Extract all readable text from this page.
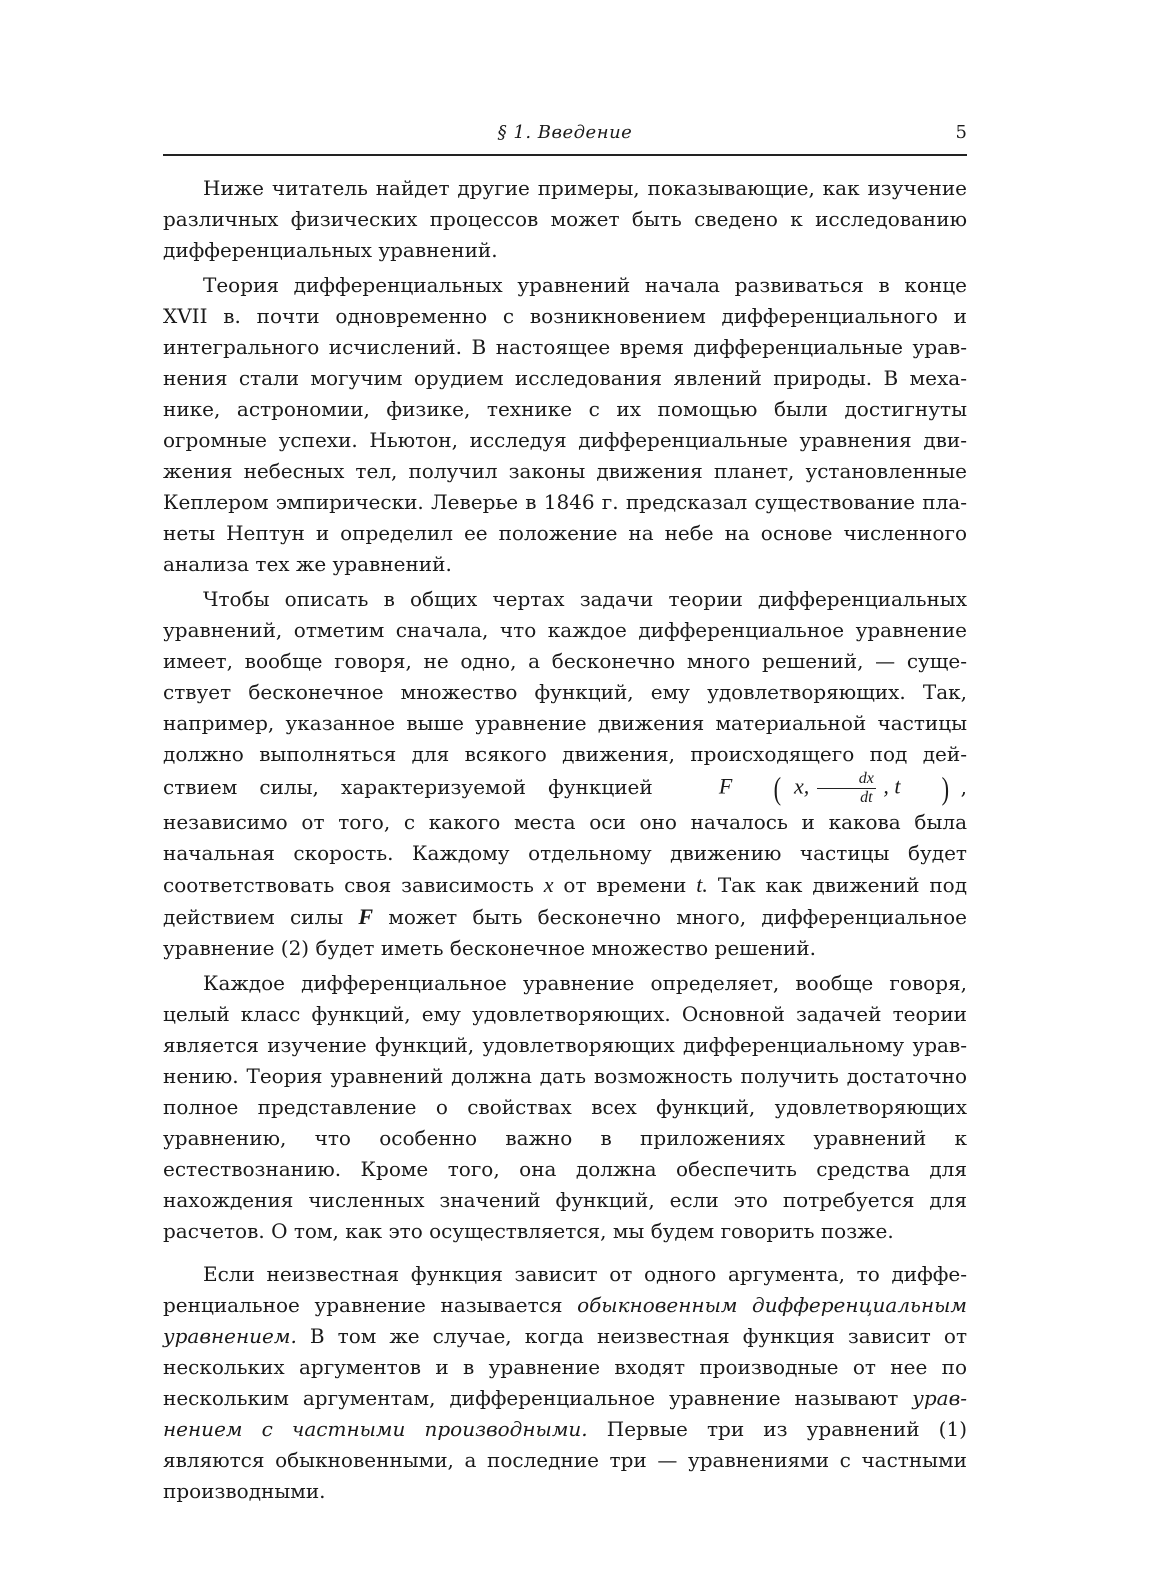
§ 1. Введение	5

Ниже читатель найдет другие примеры, показывающие, как изучение различных физических процессов может быть сведено к исследованию дифференциальных уравнений.

Теория дифференциальных уравнений начала развиваться в конце XVII в. почти одновременно с возникновением дифференциального и интегрального исчислений. В настоящее время дифференциальные уравнения стали могучим орудием исследования явлений природы. В механике, астрономии, физике, технике с их помощью были достигнуты огромные успехи. Ньютон, исследуя дифференциальные уравнения движения небесных тел, получил законы движения планет, установленные Кеплером эмпирически. Леверье в 1846 г. предсказал существование планеты Нептун и определил ее положение на небе на основе численного анализа тех же уравнений.

Чтобы описать в общих чертах задачи теории дифференциальных уравнений, отметим сначала, что каждое дифференциальное уравнение имеет, вообще говоря, не одно, а бесконечно много решений, — существует бесконечное множество функций, ему удовлетворяющих. Так, например, указанное выше уравнение движения материальной частицы должно выполняться для всякого движения, происходящего под действием силы, характеризуемой функцией	F ( x, $\frac{dx}{dt}$ , t ) , независимо от того, с какого места оси оно началось и какова была начальная скорость. Каждому отдельному движению частицы будет соответствовать своя зависимость x от времени t. Так как движений под действием силы F может быть бесконечно много, дифференциальное уравнение (2) будет иметь бесконечное множество решений.

Каждое дифференциальное уравнение определяет, вообще говоря, целый класс функций, ему удовлетворяющих. Основной задачей теории является изучение функций, удовлетворяющих дифференциальному уравнению. Теория уравнений должна дать возможность получить достаточно полное представление о свойствах всех функций, удовлетворяющих уравнению, что особенно важно в приложениях уравнений к естествознанию. Кроме того, она должна обеспечить средства для нахождения численных значений функций, если это потребуется для расчетов. О том, как это осуществляется, мы будем говорить позже.

Если неизвестная функция зависит от одного аргумента, то дифференциальное уравнение называется обыкновенным дифференциальным уравнением. В том же случае, когда неизвестная функция зависит от нескольких аргументов и в уравнение входят производные от нее по нескольким аргументам, дифференциальное уравнение называют уравнением с частными производными. Первые три из уравнений (1) являются обыкновенными, а последние три — уравнениями с частными производными.
